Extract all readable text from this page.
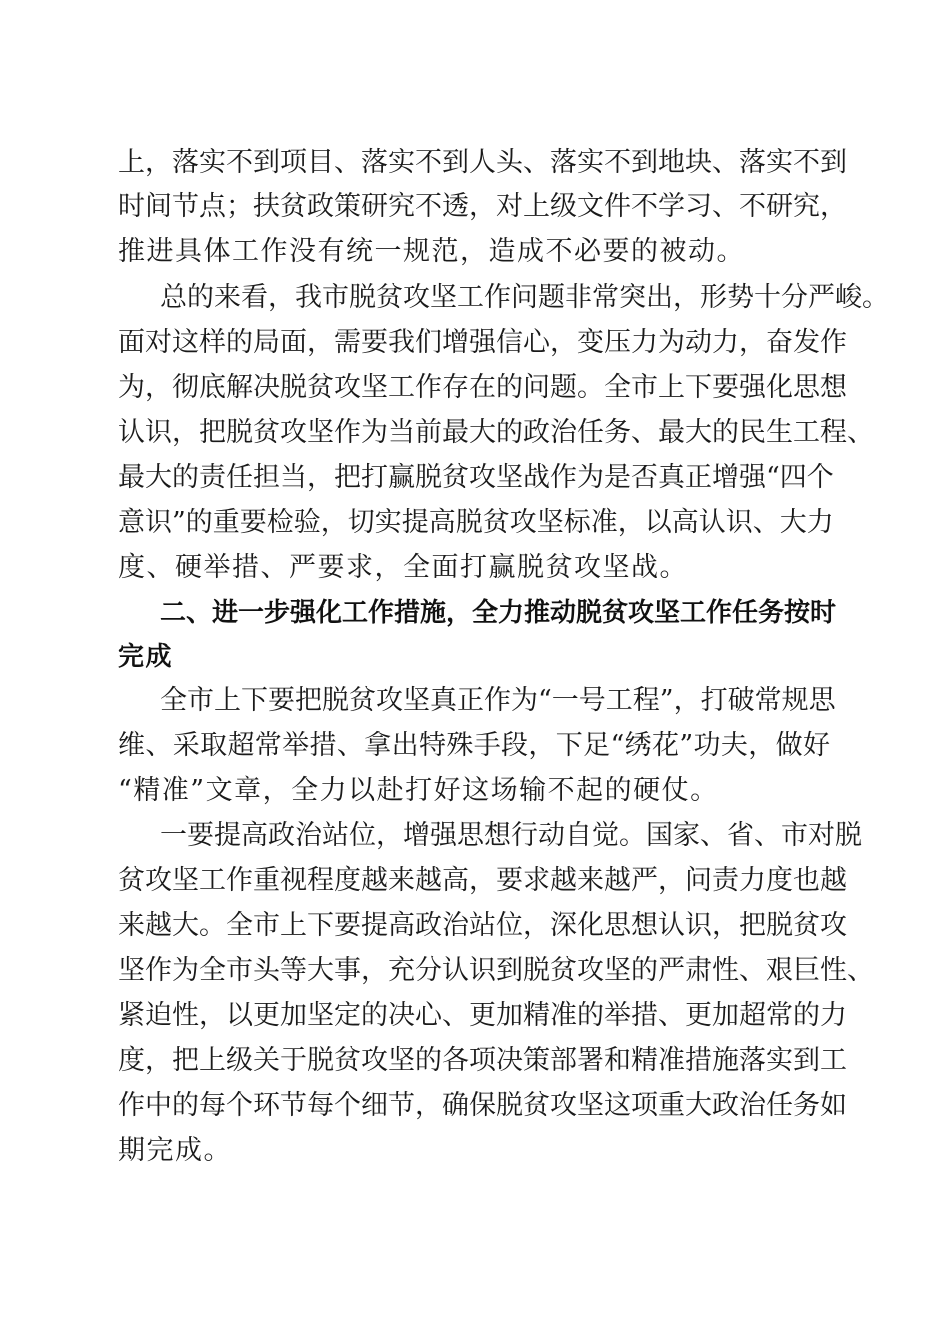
上，落实不到项目、落实不到人头、落实不到地块、落实不到
时间节点；扶贫政策研究不透，对上级文件不学习、不研究，
推进具体工作没有统一规范，造成不必要的被动。
总的来看，我市脱贫攻坚工作问题非常突出，形势十分严峻。
面对这样的局面，需要我们增强信心，变压力为动力，奋发作
为，彻底解决脱贫攻坚工作存在的问题。全市上下要强化思想
认识，把脱贫攻坚作为当前最大的政治任务、最大的民生工程、
最大的责任担当，把打赢脱贫攻坚战作为是否真正增强“四个
意识”的重要检验，切实提高脱贫攻坚标准，以高认识、大力
度、硬举措、严要求，全面打赢脱贫攻坚战。
二、进一步强化工作措施，全力推动脱贫攻坚工作任务按时
完成
全市上下要把脱贫攻坚真正作为“一号工程”，打破常规思
维、采取超常举措、拿出特殊手段，下足“绣花”功夫，做好
“精准”文章，全力以赴打好这场输不起的硬仗。
一要提高政治站位，增强思想行动自觉。国家、省、市对脱
贫攻坚工作重视程度越来越高，要求越来越严，问责力度也越
来越大。全市上下要提高政治站位，深化思想认识，把脱贫攻
坚作为全市头等大事，充分认识到脱贫攻坚的严肃性、艰巨性、
紧迫性，以更加坚定的决心、更加精准的举措、更加超常的力
度，把上级关于脱贫攻坚的各项决策部署和精准措施落实到工
作中的每个环节每个细节，确保脱贫攻坚这项重大政治任务如
期完成。
